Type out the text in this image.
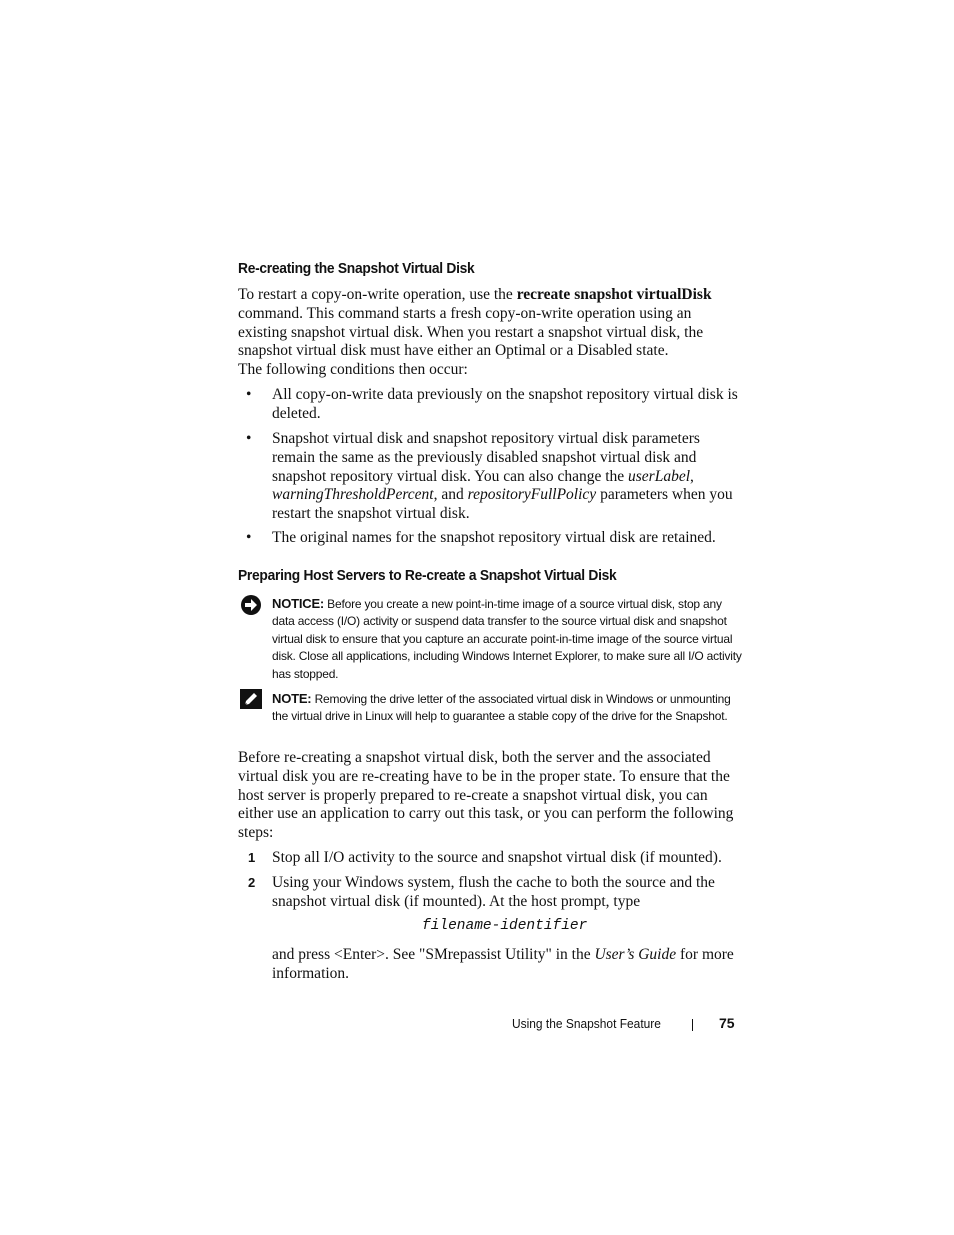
Re-creating the Snapshot Virtual Disk
To restart a copy-on-write operation, use the recreate snapshot virtualDisk command. This command starts a fresh copy-on-write operation using an existing snapshot virtual disk. When you restart a snapshot virtual disk, the snapshot virtual disk must have either an Optimal or a Disabled state.
The following conditions then occur:
• All copy-on-write data previously on the snapshot repository virtual disk is deleted.
• Snapshot virtual disk and snapshot repository virtual disk parameters remain the same as the previously disabled snapshot virtual disk and snapshot repository virtual disk. You can also change the userLabel, warningThresholdPercent, and repositoryFullPolicy parameters when you restart the snapshot virtual disk.
• The original names for the snapshot repository virtual disk are retained.
Preparing Host Servers to Re-create a Snapshot Virtual Disk
NOTICE: Before you create a new point-in-time image of a source virtual disk, stop any data access (I/O) activity or suspend data transfer to the source virtual disk and snapshot virtual disk to ensure that you capture an accurate point-in-time image of the source virtual disk. Close all applications, including Windows Internet Explorer, to make sure all I/O activity has stopped.
NOTE: Removing the drive letter of the associated virtual disk in Windows or unmounting the virtual drive in Linux will help to guarantee a stable copy of the drive for the Snapshot.
Before re-creating a snapshot virtual disk, both the server and the associated virtual disk you are re-creating have to be in the proper state. To ensure that the host server is properly prepared to re-create a snapshot virtual disk, you can either use an application to carry out this task, or you can perform the following steps:
1 Stop all I/O activity to the source and snapshot virtual disk (if mounted).
2 Using your Windows system, flush the cache to both the source and the snapshot virtual disk (if mounted). At the host prompt, type
filename-identifier
and press <Enter>. See "SMrepassist Utility" in the User’s Guide for more information.
Using the Snapshot Feature	75
